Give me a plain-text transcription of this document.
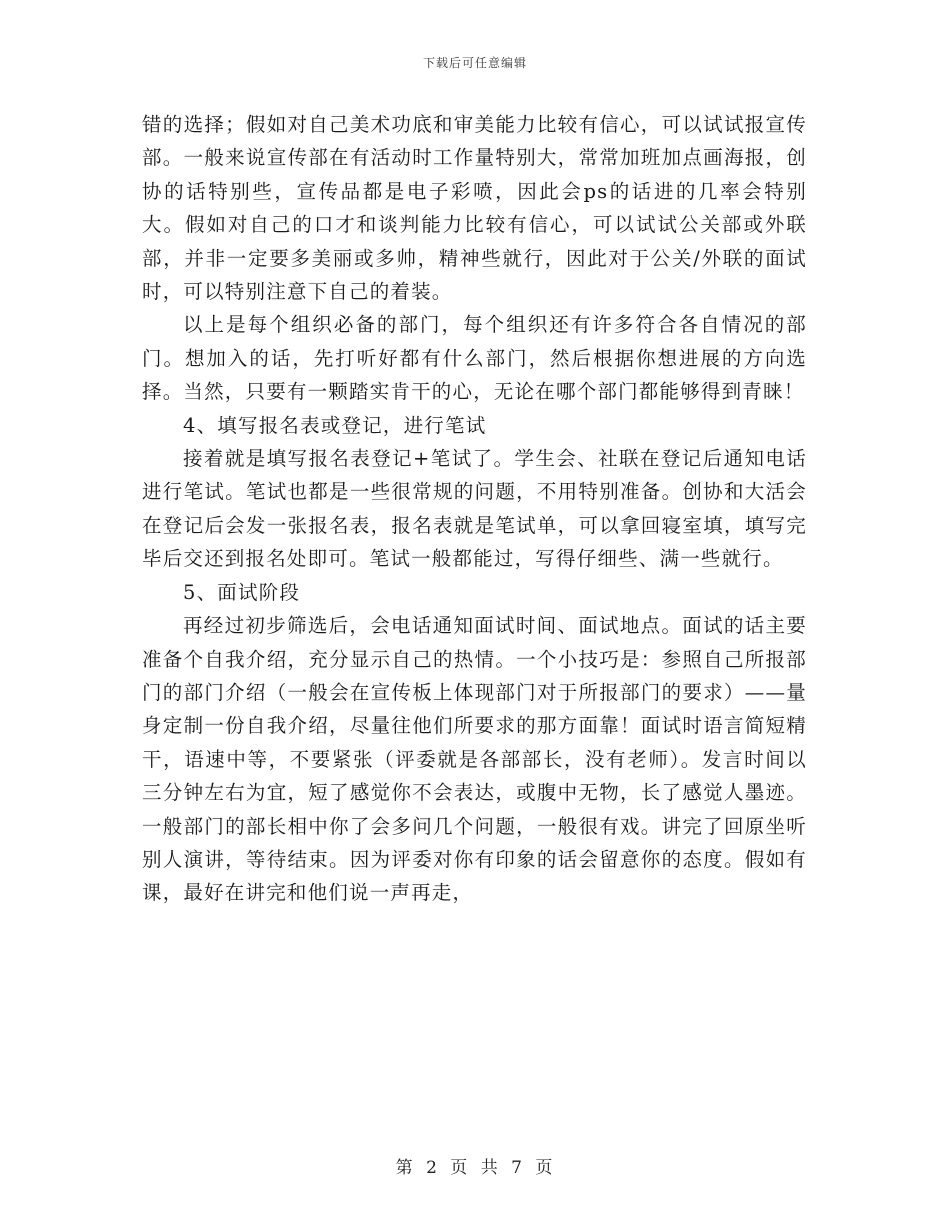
下载后可任意编辑

错的选择；假如对自己美术功底和审美能力比较有信心，可以试试报宣传部。一般来说宣传部在有活动时工作量特别大，常常加班加点画海报，创协的话特别些，宣传品都是电子彩喷，因此会ps的话进的几率会特别大。假如对自己的口才和谈判能力比较有信心，可以试试公关部或外联部，并非一定要多美丽或多帅，精神些就行，因此对于公关/外联的面试时，可以特别注意下自己的着装。

以上是每个组织必备的部门，每个组织还有许多符合各自情况的部门。想加入的话，先打听好都有什么部门，然后根据你想进展的方向选择。当然，只要有一颗踏实肯干的心，无论在哪个部门都能够得到青睐！

4、填写报名表或登记，进行笔试

接着就是填写报名表登记+笔试了。学生会、社联在登记后通知电话进行笔试。笔试也都是一些很常规的问题，不用特别准备。创协和大活会在登记后会发一张报名表，报名表就是笔试单，可以拿回寝室填，填写完毕后交还到报名处即可。笔试一般都能过，写得仔细些、满一些就行。

5、面试阶段

再经过初步筛选后，会电话通知面试时间、面试地点。面试的话主要准备个自我介绍，充分显示自己的热情。一个小技巧是：参照自己所报部门的部门介绍（一般会在宣传板上体现部门对于所报部门的要求）——量身定制一份自我介绍，尽量往他们所要求的那方面靠！面试时语言简短精干，语速中等，不要紧张（评委就是各部部长，没有老师）。发言时间以三分钟左右为宜，短了感觉你不会表达，或腹中无物，长了感觉人墨迹。一般部门的部长相中你了会多问几个问题，一般很有戏。讲完了回原坐听别人演讲，等待结束。因为评委对你有印象的话会留意你的态度。假如有课，最好在讲完和他们说一声再走，

第 2 页 共 7 页
